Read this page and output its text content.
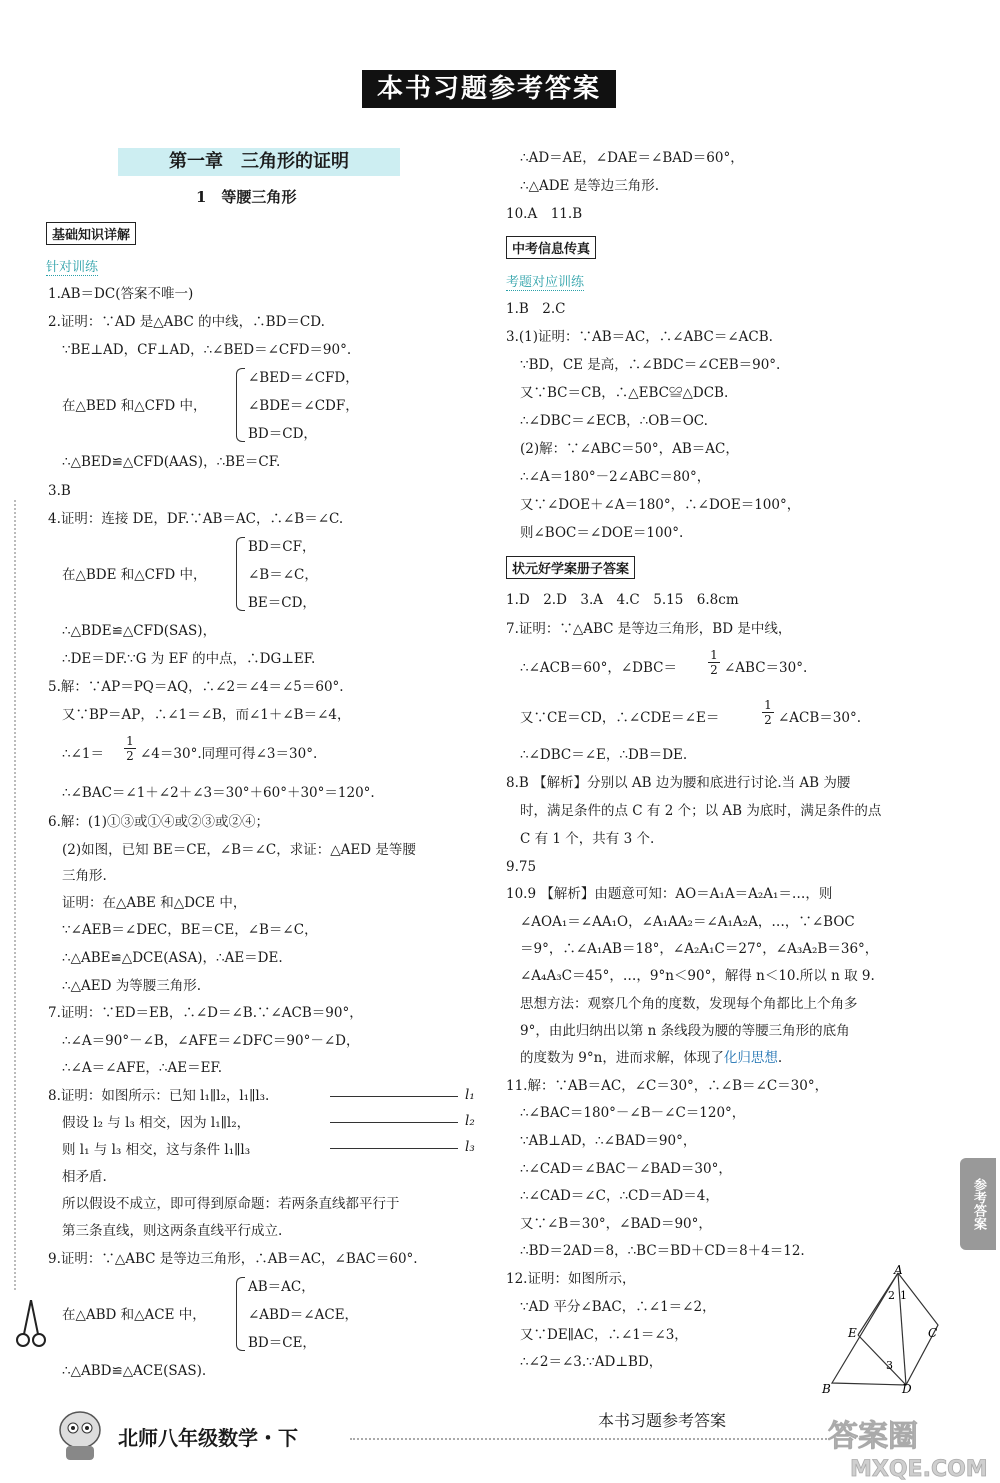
本书习题参考答案
第一章　三角形的证明
1　等腰三角形
基础知识详解
针对训练
1.AB＝DC(答案不唯一)
2.证明：∵AD 是△ABC 的中线，∴BD＝CD.
∵BE⊥AD，CF⊥AD，∴∠BED＝∠CFD＝90°.
在△BED 和△CFD 中，
∠BED＝∠CFD，
∠BDE＝∠CDF，
BD＝CD，
∴△BED≌△CFD(AAS)，∴BE＝CF.
3.B
4.证明：连接 DE，DF.∵AB＝AC，∴∠B＝∠C.
在△BDE 和△CFD 中，
BD＝CF，
∠B＝∠C，
BE＝CD，
∴△BDE≌△CFD(SAS)，
∴DE＝DF.∵G 为 EF 的中点，∴DG⊥EF.
5.解：∵AP＝PQ＝AQ，∴∠2＝∠4＝∠5＝60°.
又∵BP＝AP，∴∠1＝∠B，而∠1＋∠B＝∠4，
∴∠1＝ $\frac{1}{2}$ ∠4＝30°.同理可得∠3＝30°.
∴∠BAC＝∠1＋∠2＋∠3＝30°＋60°＋30°＝120°.
6.解：(1)①③或①④或②③或②④；
(2)如图，已知 BE＝CE，∠B＝∠C，求证：△AED 是等腰
三角形.
证明：在△ABE 和△DCE 中，
∵∠AEB＝∠DEC，BE＝CE，∠B＝∠C，
∴△ABE≌△DCE(ASA)，∴AE＝DE.
∴△AED 为等腰三角形.
7.证明：∵ED＝EB，∴∠D＝∠B.∵∠ACB＝90°，
∴∠A＝90°－∠B，∠AFE＝∠DFC＝90°－∠D，
∴∠A＝∠AFE，∴AE＝EF.
8.证明：如图所示：已知 l₁∥l₂，l₁∥l₃.
假设 l₂ 与 l₃ 相交，因为 l₁∥l₂，
则 l₁ 与 l₃ 相交，这与条件 l₁∥l₃
相矛盾.
所以假设不成立，即可得到原命题：若两条直线都平行于
第三条直线，则这两条直线平行成立.
9.证明：∵△ABC 是等边三角形，∴AB＝AC，∠BAC＝60°.
在△ABD 和△ACE 中，
AB＝AC，
∠ABD＝∠ACE，
BD＝CE，
∴△ABD≌△ACE(SAS).
l₁
l₂
l₃
∴AD＝AE，∠DAE＝∠BAD＝60°，
∴△ADE 是等边三角形.
10.A　11.B
中考信息传真
考题对应训练
1.B　2.C
3.(1)证明：∵AB＝AC，∴∠ABC＝∠ACB.
∵BD，CE 是高，∴∠BDC＝∠CEB＝90°.
又∵BC＝CB，∴△EBC≌△DCB.
∴∠DBC＝∠ECB，∴OB＝OC.
(2)解：∵∠ABC＝50°，AB＝AC，
∴∠A＝180°－2∠ABC＝80°，
又∵∠DOE＋∠A＝180°，∴∠DOE＝100°，
则∠BOC＝∠DOE＝100°.
状元好学案册子答案
1.D　2.D　3.A　4.C　5.15　6.8cm
7.证明：∵△ABC 是等边三角形，BD 是中线，
∴∠ACB＝60°，∠DBC＝	$\frac{1}{2}$ ∠ABC＝30°.
又∵CE＝CD，∴∠CDE＝∠E＝	$\frac{1}{2}$ ∠ACB＝30°.
∴∠DBC＝∠E，∴DB＝DE.
8.B 【解析】分别以 AB 边为腰和底进行讨论.当 AB 为腰
时，满足条件的点 C 有 2 个；以 AB 为底时，满足条件的点
C 有 1 个，共有 3 个.
9.75
10.9 【解析】由题意可知：AO＝A₁A＝A₂A₁＝…，则
∠AOA₁＝∠AA₁O，∠A₁AA₂＝∠A₁A₂A，…，∵∠BOC
＝9°，∴∠A₁AB＝18°，∠A₂A₁C＝27°，∠A₃A₂B＝36°，
∠A₄A₃C＝45°，…，9°n＜90°，解得 n＜10.所以 n 取 9.
思想方法：观察几个角的度数，发现每个角都比上个角多
9°，由此归纳出以第 n 条线段为腰的等腰三角形的底角
的度数为 9°n，进而求解，体现了化归思想.
11.解：∵AB＝AC，∠C＝30°，∴∠B＝∠C＝30°，
∴∠BAC＝180°－∠B－∠C＝120°，
∵AB⊥AD，∴∠BAD＝90°，
∴∠CAD＝∠BAC－∠BAD＝30°，
∴∠CAD＝∠C，∴CD＝AD＝4，
又∵∠B＝30°，∠BAD＝90°，
∴BD＝2AD＝8，∴BC＝BD＋CD＝8＋4＝12.
12.证明：如图所示，
∵AD 平分∠BAC，∴∠1＝∠2，
又∵DE∥AC，∴∠1＝∠3，
∴∠2＝∠3.∵AD⊥BD，
A
2 1
E	C
3
B	D
参考答案
北师八年级数学・下
本书习题参考答案	答案圈
MXQE.COM
